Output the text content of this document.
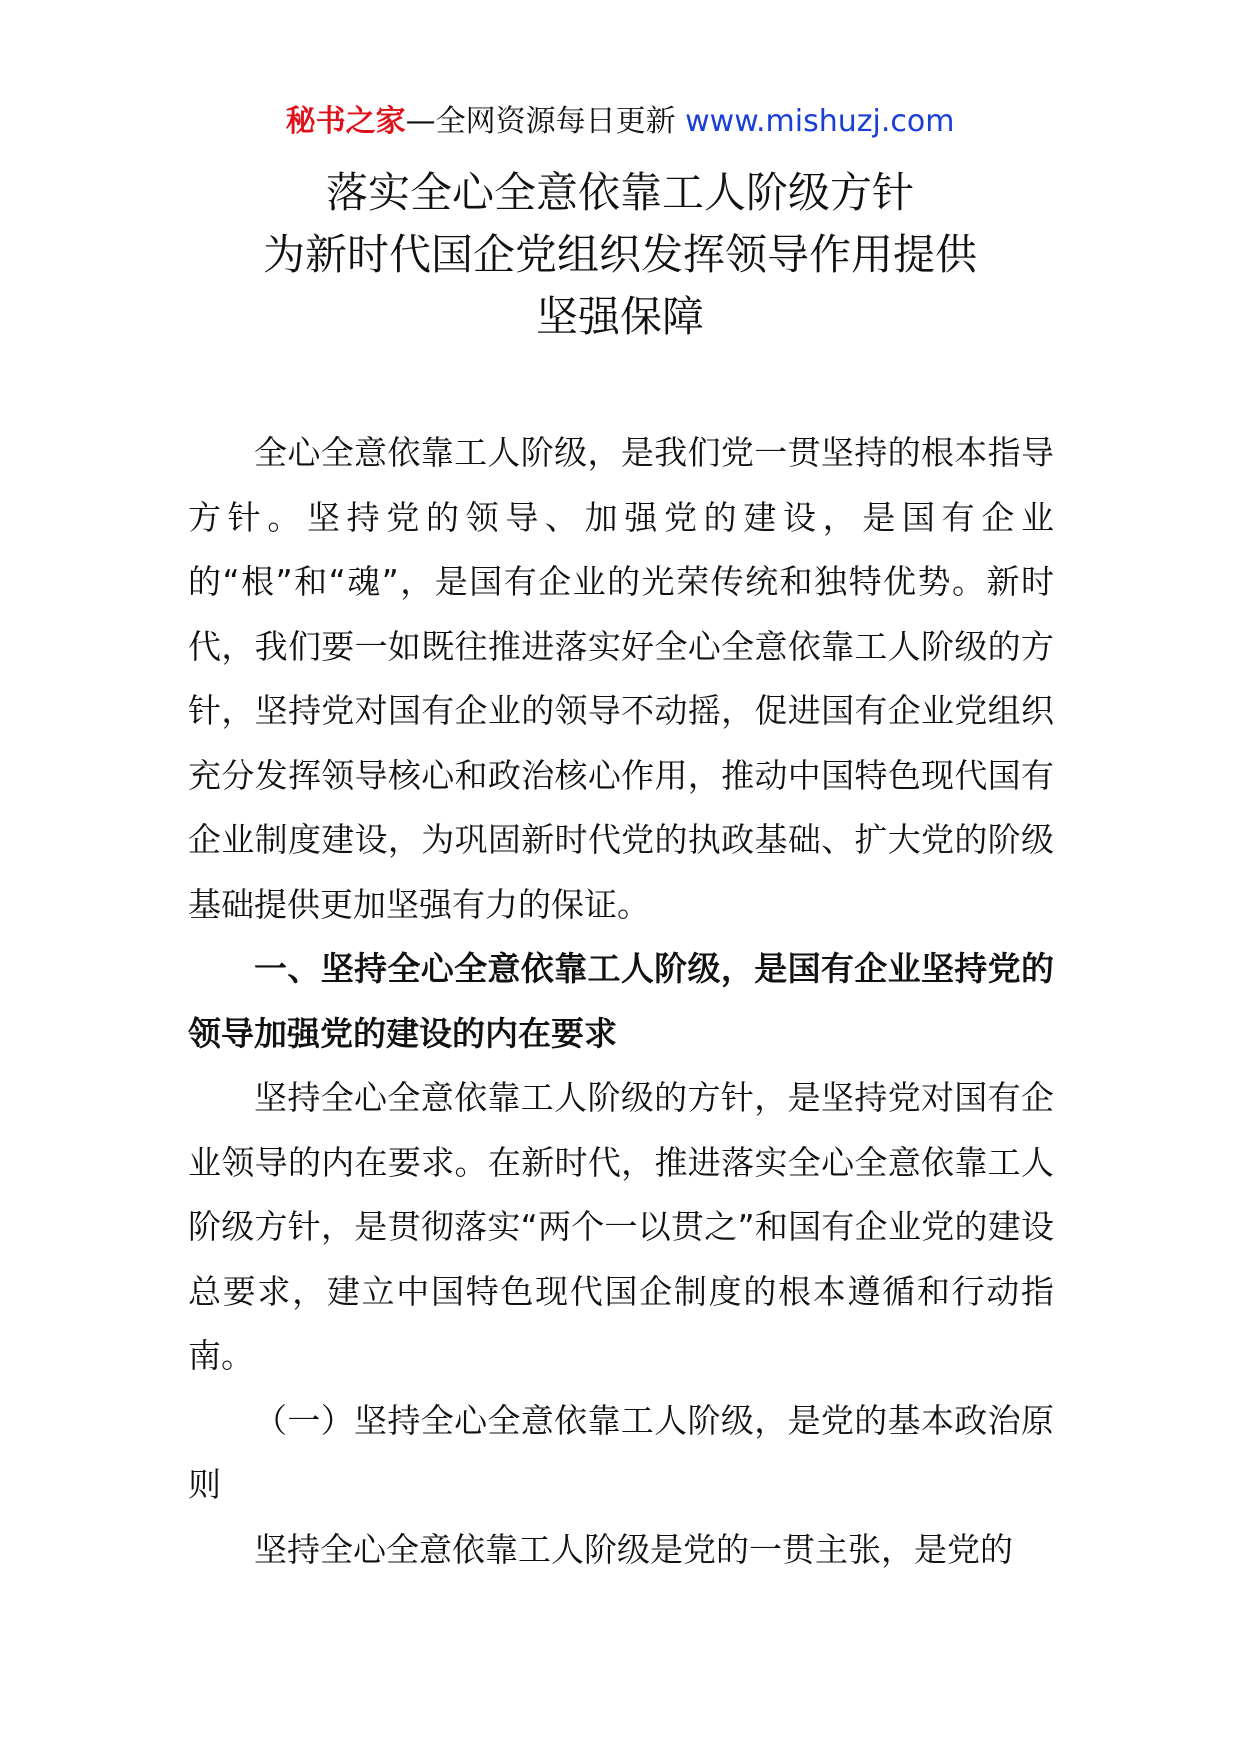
秘书之家—全网资源每日更新 www.mishuzj.com
落实全心全意依靠工人阶级方针
为新时代国企党组织发挥领导作用提供
坚强保障

全心全意依靠工人阶级，是我们党一贯坚持的根本指导方针。坚持党的领导、加强党的建设，是国有企业的“根”和“魂”，是国有企业的光荣传统和独特优势。新时代，我们要一如既往推进落实好全心全意依靠工人阶级的方针，坚持党对国有企业的领导不动摇，促进国有企业党组织充分发挥领导核心和政治核心作用，推动中国特色现代国有企业制度建设，为巩固新时代党的执政基础、扩大党的阶级基础提供更加坚强有力的保证。

一、坚持全心全意依靠工人阶级，是国有企业坚持党的领导加强党的建设的内在要求

坚持全心全意依靠工人阶级的方针，是坚持党对国有企业领导的内在要求。在新时代，推进落实全心全意依靠工人阶级方针，是贯彻落实“两个一以贯之”和国有企业党的建设总要求，建立中国特色现代国企制度的根本遵循和行动指南。

（一）坚持全心全意依靠工人阶级，是党的基本政治原则

坚持全心全意依靠工人阶级是党的一贯主张，是党的
